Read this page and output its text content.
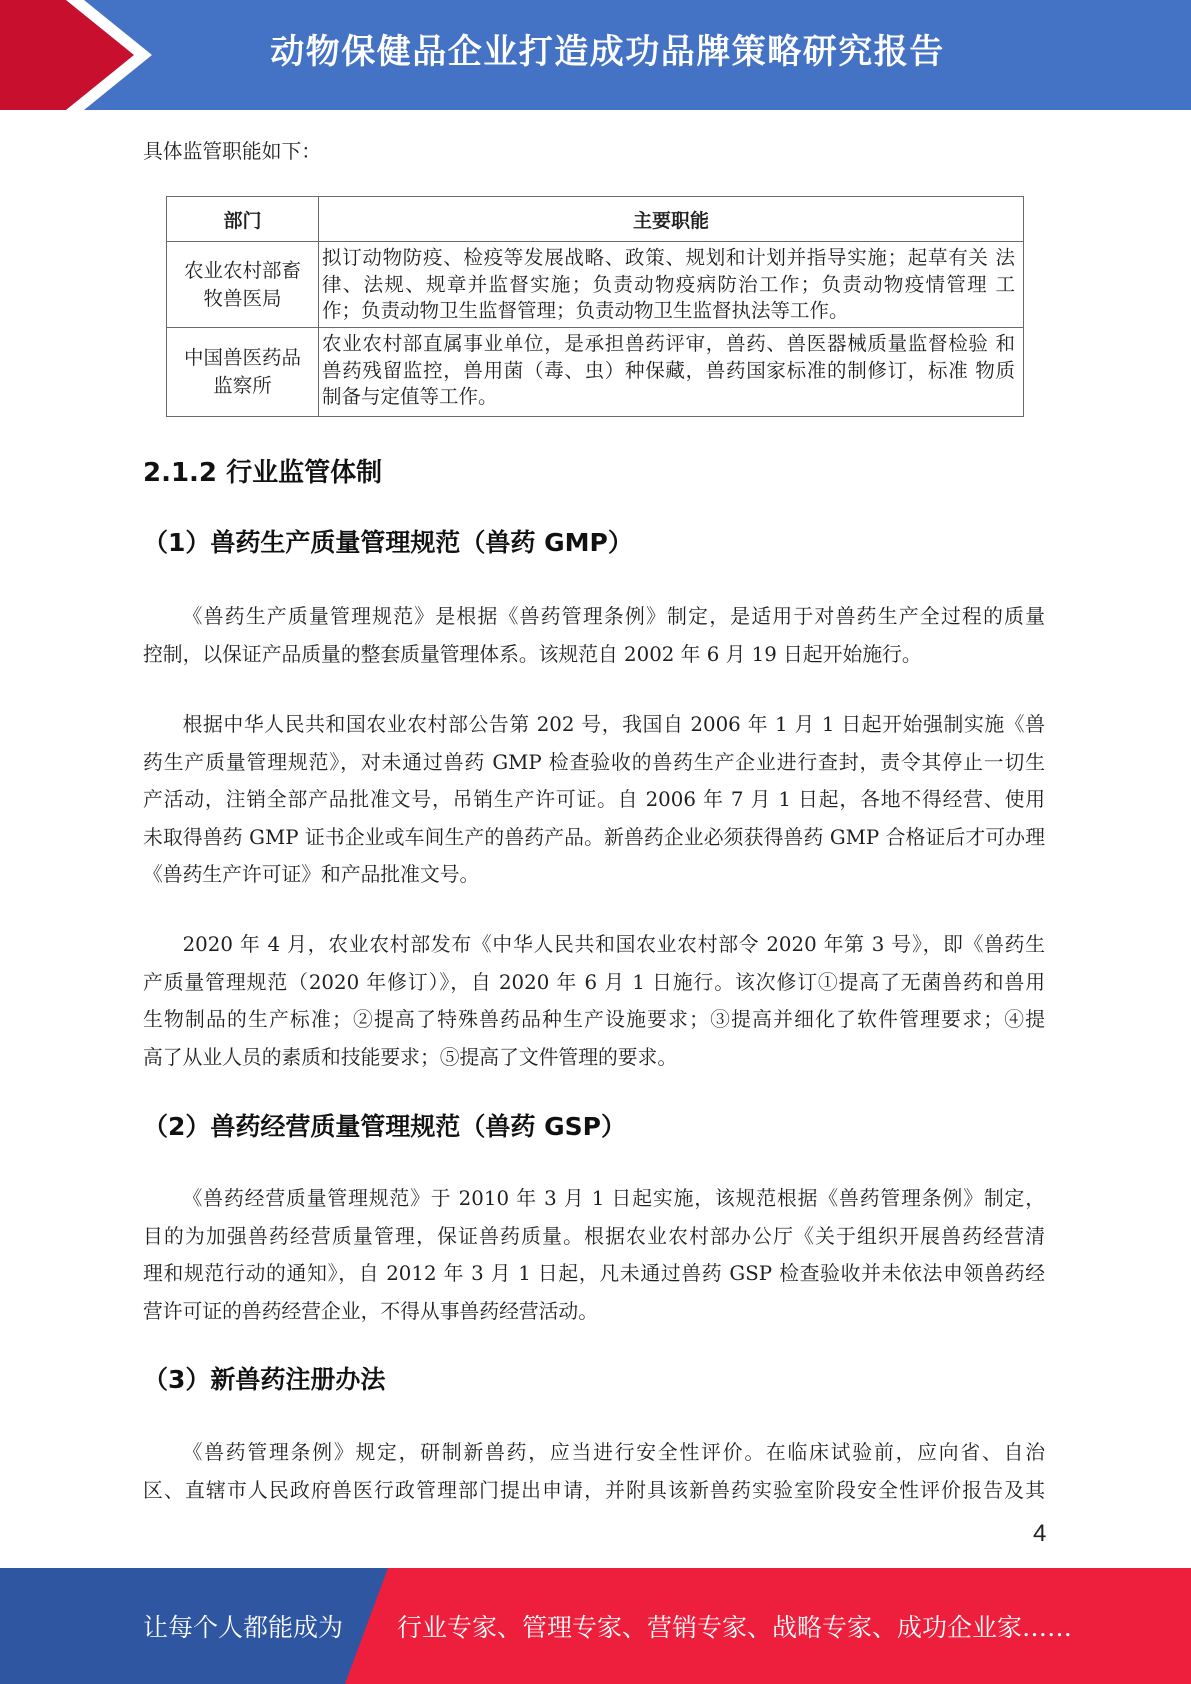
动物保健品企业打造成功品牌策略研究报告
具体监管职能如下：
部门	主要职能

农业农村部畜牧兽医局	拟订动物防疫、检疫等发展战略、政策、规划和计划并指导实施；起草有关 法
律、法规、规章并监督实施；负责动物疫病防治工作；负责动物疫情管理 工
作；负责动物卫生监督管理；负责动物卫生监督执法等工作。

中国兽医药品监察所	农业农村部直属事业单位，是承担兽药评审，兽药、兽医器械质量监督检验 和
兽药残留监控，兽用菌（毒、虫）种保藏，兽药国家标准的制修订，标准 物质
制备与定值等工作。
2.1.2 行业监管体制
（1）兽药生产质量管理规范（兽药 GMP）
《兽药生产质量管理规范》是根据《兽药管理条例》制定，是适用于对兽药生产全过程的质量
控制，以保证产品质量的整套质量管理体系。该规范自 2002 年 6 月 19 日起开始施行。
根据中华人民共和国农业农村部公告第 202 号，我国自 2006 年 1 月 1 日起开始强制实施《兽
药生产质量管理规范》，对未通过兽药 GMP 检查验收的兽药生产企业进行查封，责令其停止一切生
产活动，注销全部产品批准文号，吊销生产许可证。自 2006 年 7 月 1 日起，各地不得经营、使用
未取得兽药 GMP 证书企业或车间生产的兽药产品。新兽药企业必须获得兽药 GMP 合格证后才可办理
《兽药生产许可证》和产品批准文号。
2020 年 4 月，农业农村部发布《中华人民共和国农业农村部令 2020 年第 3 号》，即《兽药生
产质量管理规范（2020 年修订）》，自 2020 年 6 月 1 日施行。该次修订①提高了无菌兽药和兽用
生物制品的生产标准；②提高了特殊兽药品种生产设施要求；③提高并细化了软件管理要求；④提
高了从业人员的素质和技能要求；⑤提高了文件管理的要求。
（2）兽药经营质量管理规范（兽药 GSP）
《兽药经营质量管理规范》于 2010 年 3 月 1 日起实施，该规范根据《兽药管理条例》制定，
目的为加强兽药经营质量管理，保证兽药质量。根据农业农村部办公厅《关于组织开展兽药经营清
理和规范行动的通知》，自 2012 年 3 月 1 日起，凡未通过兽药 GSP 检查验收并未依法申领兽药经
营许可证的兽药经营企业，不得从事兽药经营活动。
（3）新兽药注册办法
《兽药管理条例》规定，研制新兽药，应当进行安全性评价。在临床试验前，应向省、自治
区、直辖市人民政府兽医行政管理部门提出申请，并附具该新兽药实验室阶段安全性评价报告及其
4
让每个人都能成为 行业专家、管理专家、营销专家、战略专家、成功企业家……
